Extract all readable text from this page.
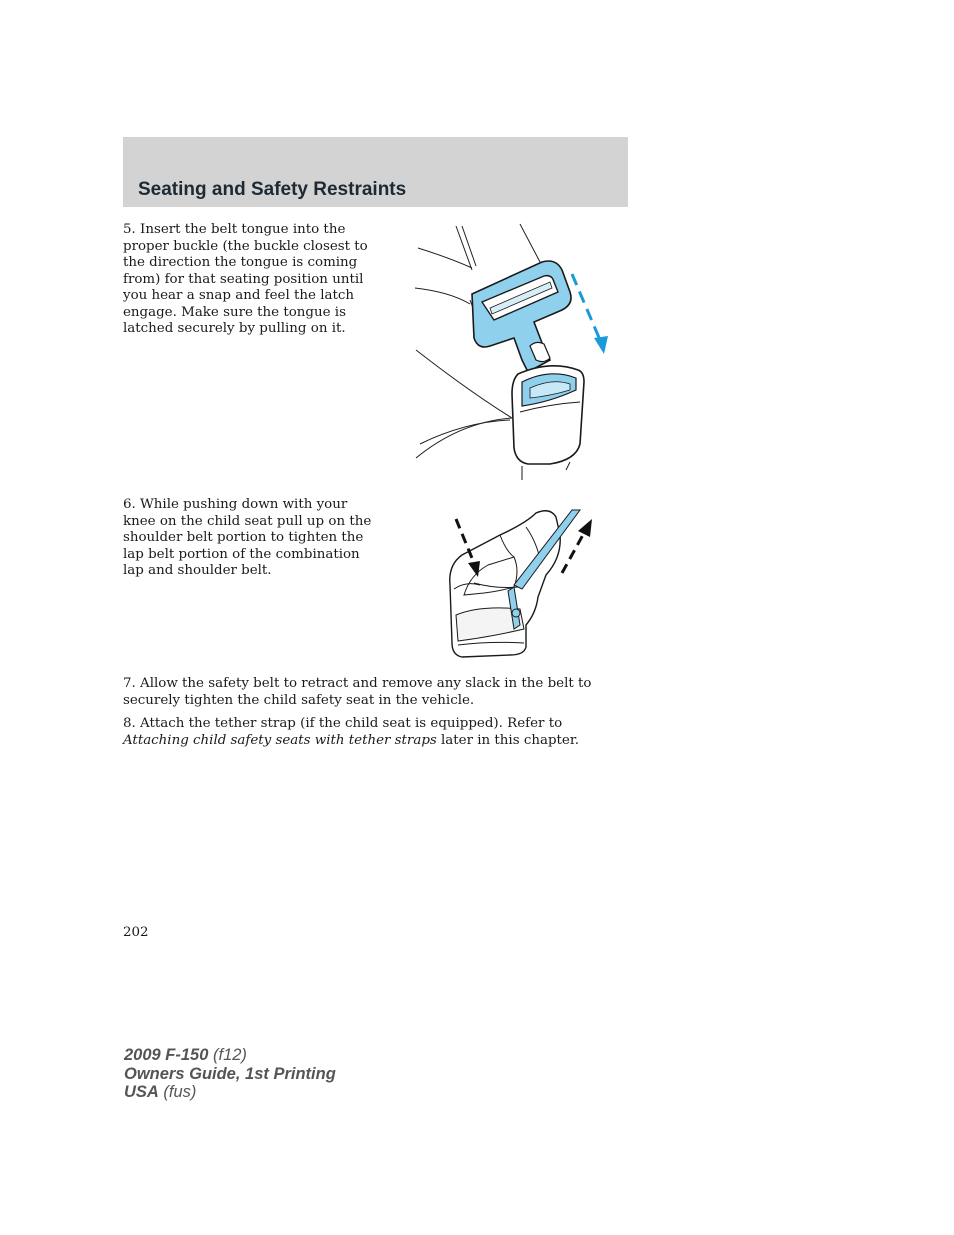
Seating and Safety Restraints

5. Insert the belt tongue into the proper buckle (the buckle closest to the direction the tongue is coming from) for that seating position until you hear a snap and feel the latch engage. Make sure the tongue is latched securely by pulling on it.

6. While pushing down with your knee on the child seat pull up on the shoulder belt portion to tighten the lap belt portion of the combination lap and shoulder belt.

7. Allow the safety belt to retract and remove any slack in the belt to securely tighten the child safety seat in the vehicle.

8. Attach the tether strap (if the child seat is equipped). Refer to Attaching child safety seats with tether straps later in this chapter.

202

2009 F-150 (f12)
Owners Guide, 1st Printing
USA (fus)
